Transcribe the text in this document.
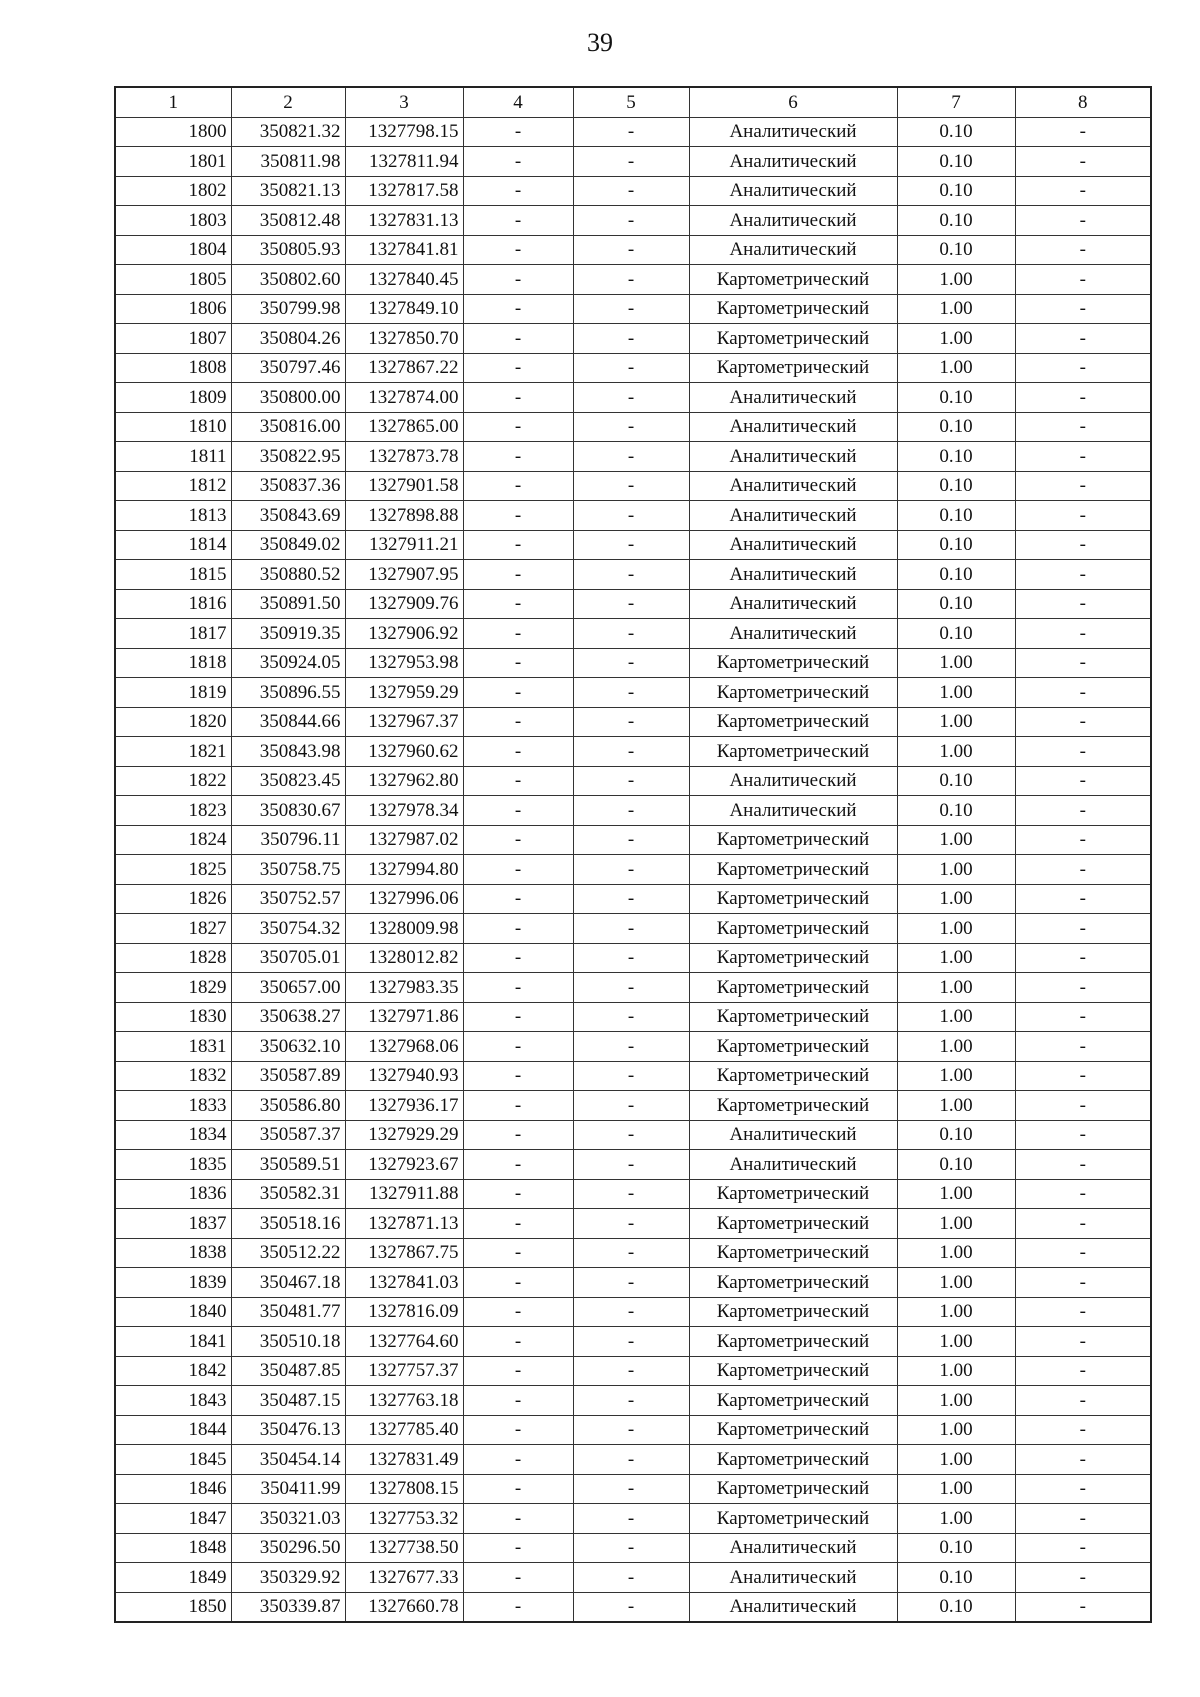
39
1	2	3	4	5	6	7	8
1800	350821.32	1327798.15	-	-	Аналитический	0.10	-
1801	350811.98	1327811.94	-	-	Аналитический	0.10	-
1802	350821.13	1327817.58	-	-	Аналитический	0.10	-
1803	350812.48	1327831.13	-	-	Аналитический	0.10	-
1804	350805.93	1327841.81	-	-	Аналитический	0.10	-
1805	350802.60	1327840.45	-	-	Картометрический	1.00	-
1806	350799.98	1327849.10	-	-	Картометрический	1.00	-
1807	350804.26	1327850.70	-	-	Картометрический	1.00	-
1808	350797.46	1327867.22	-	-	Картометрический	1.00	-
1809	350800.00	1327874.00	-	-	Аналитический	0.10	-
1810	350816.00	1327865.00	-	-	Аналитический	0.10	-
1811	350822.95	1327873.78	-	-	Аналитический	0.10	-
1812	350837.36	1327901.58	-	-	Аналитический	0.10	-
1813	350843.69	1327898.88	-	-	Аналитический	0.10	-
1814	350849.02	1327911.21	-	-	Аналитический	0.10	-
1815	350880.52	1327907.95	-	-	Аналитический	0.10	-
1816	350891.50	1327909.76	-	-	Аналитический	0.10	-
1817	350919.35	1327906.92	-	-	Аналитический	0.10	-
1818	350924.05	1327953.98	-	-	Картометрический	1.00	-
1819	350896.55	1327959.29	-	-	Картометрический	1.00	-
1820	350844.66	1327967.37	-	-	Картометрический	1.00	-
1821	350843.98	1327960.62	-	-	Картометрический	1.00	-
1822	350823.45	1327962.80	-	-	Аналитический	0.10	-
1823	350830.67	1327978.34	-	-	Аналитический	0.10	-
1824	350796.11	1327987.02	-	-	Картометрический	1.00	-
1825	350758.75	1327994.80	-	-	Картометрический	1.00	-
1826	350752.57	1327996.06	-	-	Картометрический	1.00	-
1827	350754.32	1328009.98	-	-	Картометрический	1.00	-
1828	350705.01	1328012.82	-	-	Картометрический	1.00	-
1829	350657.00	1327983.35	-	-	Картометрический	1.00	-
1830	350638.27	1327971.86	-	-	Картометрический	1.00	-
1831	350632.10	1327968.06	-	-	Картометрический	1.00	-
1832	350587.89	1327940.93	-	-	Картометрический	1.00	-
1833	350586.80	1327936.17	-	-	Картометрический	1.00	-
1834	350587.37	1327929.29	-	-	Аналитический	0.10	-
1835	350589.51	1327923.67	-	-	Аналитический	0.10	-
1836	350582.31	1327911.88	-	-	Картометрический	1.00	-
1837	350518.16	1327871.13	-	-	Картометрический	1.00	-
1838	350512.22	1327867.75	-	-	Картометрический	1.00	-
1839	350467.18	1327841.03	-	-	Картометрический	1.00	-
1840	350481.77	1327816.09	-	-	Картометрический	1.00	-
1841	350510.18	1327764.60	-	-	Картометрический	1.00	-
1842	350487.85	1327757.37	-	-	Картометрический	1.00	-
1843	350487.15	1327763.18	-	-	Картометрический	1.00	-
1844	350476.13	1327785.40	-	-	Картометрический	1.00	-
1845	350454.14	1327831.49	-	-	Картометрический	1.00	-
1846	350411.99	1327808.15	-	-	Картометрический	1.00	-
1847	350321.03	1327753.32	-	-	Картометрический	1.00	-
1848	350296.50	1327738.50	-	-	Аналитический	0.10	-
1849	350329.92	1327677.33	-	-	Аналитический	0.10	-
1850	350339.87	1327660.78	-	-	Аналитический	0.10	-
